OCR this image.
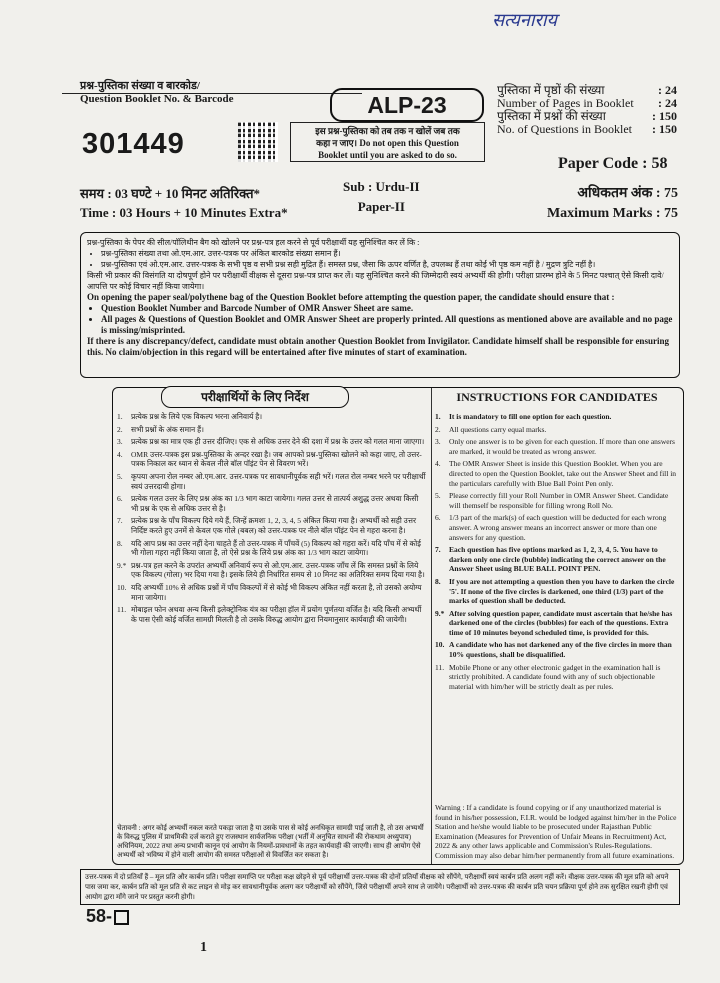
सत्यनाराय
प्रश्न-पुस्तिका संख्या व बारकोड/
Question Booklet No. & Barcode
301449
ALP-23
इस प्रश्न-पुस्तिका को तब तक न खोलें जब तक
कहा न जाए। Do not open this Question
Booklet until you are asked to do so.
पुस्तिका में पृष्ठों की संख्या	: 24
Number of Pages in Booklet : 24
पुस्तिका में प्रश्नों की संख्या	: 150
No. of Questions in Booklet : 150
Paper Code : 58
समय : 03 घण्टे + 10 मिनट अतिरिक्त*
Time : 03 Hours + 10 Minutes Extra*
Sub : Urdu-II
Paper-II
अधिकतम अंक : 75
Maximum Marks : 75
प्रश्न-पुस्तिका के पेपर की सील/पॉलिथीन बैग को खोलने पर प्रश्न-पत्र हल करने से पूर्व परीक्षार्थी यह सुनिश्चित कर लें कि :
• प्रश्न-पुस्तिका संख्या तथा ओ.एम.आर. उत्तर-पत्रक पर अंकित बारकोड संख्या समान हैं।
• प्रश्न-पुस्तिका एवं ओ.एम.आर. उत्तर-पत्रक के सभी पृष्ठ व सभी प्रश्न सही मुद्रित हैं। समस्त प्रश्न, जैसा कि ऊपर वर्णित है, उपलब्ध हैं तथा कोई भी पृष्ठ कम नहीं है / मुद्रण त्रुटि नहीं है।
किसी भी प्रकार की विसंगति या दोषपूर्ण होने पर परीक्षार्थी वीक्षक से दूसरा प्रश्न-पत्र प्राप्त कर लें। यह सुनिश्चित करने की जिम्मेदारी स्वयं अभ्यर्थी की होगी। परीक्षा प्रारम्भ होने के 5 मिनट पश्चात् ऐसे किसी दावे/आपत्ति पर कोई विचार नहीं किया जायेगा।
On opening the paper seal/polythene bag of the Question Booklet before attempting the question paper, the candidate should ensure that :
• Question Booklet Number and Barcode Number of OMR Answer Sheet are same.
• All pages & Questions of Question Booklet and OMR Answer Sheet are properly printed. All questions as mentioned above are available and no page is missing/misprinted.
If there is any discrepancy/defect, candidate must obtain another Question Booklet from Invigilator. Candidate himself shall be responsible for ensuring this. No claim/objection in this regard will be entertained after five minutes of start of examination.
परीक्षार्थियों के लिए निर्देश
1.	प्रत्येक प्रश्न के लिये एक विकल्प भरना अनिवार्य है।
2.	सभी प्रश्नों के अंक समान हैं।
3.	प्रत्येक प्रश्न का मात्र एक ही उत्तर दीजिए। एक से अधिक उत्तर देने की दशा में प्रश्न के उत्तर को गलत माना जाएगा।
4.	OMR उत्तर-पत्रक इस प्रश्न-पुस्तिका के अन्दर रखा है। जब आपको प्रश्न-पुस्तिका खोलने को कहा जाए, तो उत्तर-पत्रक निकाल कर ध्यान से केवल नीले बॉल पॉइंट पेन से विवरण भरें।
5.	कृपया अपना रोल नम्बर ओ.एम.आर. उत्तर-पत्रक पर सावधानीपूर्वक सही भरें। गलत रोल नम्बर भरने पर परीक्षार्थी स्वयं उत्तरदायी होगा।
6.	प्रत्येक गलत उत्तर के लिए प्रश्न अंक का 1/3 भाग काटा जायेगा। गलत उत्तर से तात्पर्य अशुद्ध उत्तर अथवा किसी भी प्रश्न के एक से अधिक उत्तर से है।
7.	प्रत्येक प्रश्न के पाँच विकल्प दिये गये हैं, जिन्हें क्रमशः 1, 2, 3, 4, 5 अंकित किया गया है। अभ्यर्थी को सही उत्तर निर्दिष्ट करते हुए उनमें से केवल एक गोले (बबल) को उत्तर-पत्रक पर नीले बॉल पॉइंट पेन से गहरा करना है।
8.	यदि आप प्रश्न का उत्तर नहीं देना चाहते हैं तो उत्तर-पत्रक में पाँचवें (5) विकल्प को गहरा करें। यदि पाँच में से कोई भी गोला गहरा नहीं किया जाता है, तो ऐसे प्रश्न के लिये प्रश्न अंक का 1/3 भाग काटा जायेगा।
9.* प्रश्न-पत्र हल करने के उपरांत अभ्यर्थी अनिवार्य रूप से ओ.एम.आर. उत्तर-पत्रक जाँच लें कि समस्त प्रश्नों के लिये एक विकल्प (गोला) भर दिया गया है। इसके लिये ही निर्धारित समय से 10 मिनट का अतिरिक्त समय दिया गया है।
10. यदि अभ्यर्थी 10% से अधिक प्रश्नों में पाँच विकल्पों में से कोई भी विकल्प अंकित नहीं करता है, तो उसको अयोग्य माना जायेगा।
11. मोबाइल फोन अथवा अन्य किसी इलेक्ट्रोनिक यंत्र का परीक्षा हॉल में प्रयोग पूर्णतया वर्जित है। यदि किसी अभ्यर्थी के पास ऐसी कोई वर्जित सामग्री मिलती है तो उसके विरुद्ध आयोग द्वारा नियमानुसार कार्यवाही की जायेगी।
चेतावनी : अगर कोई अभ्यर्थी नकल करते पकड़ा जाता है या उसके पास से कोई अनधिकृत सामग्री पाई जाती है, तो उस अभ्यर्थी के विरुद्ध पुलिस में प्राथमिकी दर्ज कराते हुए राजस्थान सार्वजनिक परीक्षा (भर्ती में अनुचित साधनों की रोकथाम अध्युपाय) अधिनियम, 2022 तथा अन्य प्रभावी कानून एवं आयोग के नियमों-प्रावधानों के तहत कार्यवाही की जाएगी। साथ ही आयोग ऐसे अभ्यर्थी को भविष्य में होने वाली आयोग की समस्त परीक्षाओं से विवर्जित कर सकता है।
INSTRUCTIONS FOR CANDIDATES
1.	It is mandatory to fill one option for each question.
2.	All questions carry equal marks.
3.	Only one answer is to be given for each question. If more than one answers are marked, it would be treated as wrong answer.
4.	The OMR Answer Sheet is inside this Question Booklet. When you are directed to open the Question Booklet, take out the Answer Sheet and fill in the particulars carefully with Blue Ball Point Pen only.
5.	Please correctly fill your Roll Number in OMR Answer Sheet. Candidate will themself be responsible for filling wrong Roll No.
6.	1/3 part of the mark(s) of each question will be deducted for each wrong answer. A wrong answer means an incorrect answer or more than one answers for any question.
7.	Each question has five options marked as 1, 2, 3, 4, 5. You have to darken only one circle (bubble) indicating the correct answer on the Answer Sheet using BLUE BALL POINT PEN.
8.	If you are not attempting a question then you have to darken the circle '5'. If none of the five circles is darkened, one third (1/3) part of the marks of question shall be deducted.
9.* After solving question paper, candidate must ascertain that he/she has darkened one of the circles (bubbles) for each of the questions. Extra time of 10 minutes beyond scheduled time, is provided for this.
10. A candidate who has not darkened any of the five circles in more than 10% questions, shall be disqualified.
11. Mobile Phone or any other electronic gadget in the examination hall is strictly prohibited. A candidate found with any of such objectionable material with him/her will be strictly dealt as per rules.
Warning : If a candidate is found copying or if any unauthorized material is found in his/her possession, F.I.R. would be lodged against him/her in the Police Station and he/she would liable to be prosecuted under Rajasthan Public Examination (Measures for Prevention of Unfair Means in Recruitment) Act, 2022 & any other laws applicable and Commission's Rules-Regulations. Commission may also debar him/her permanently from all future examinations.
उत्तर-पत्रक में दो प्रतियाँ हैं – मूल प्रति और कार्बन प्रति। परीक्षा समाप्ति पर परीक्षा कक्ष छोड़ने से पूर्व परीक्षार्थी उत्तर-पत्रक की दोनों प्रतियाँ वीक्षक को सौंपेंगे, परीक्षार्थी स्वयं कार्बन प्रति अलग नहीं करें। वीक्षक उत्तर-पत्रक की मूल प्रति को अपने पास जमा कर, कार्बन प्रति को मूल प्रति से कट लाइन से मोड़ कर सावधानीपूर्वक अलग कर परीक्षार्थी को सौंपेंगे, जिसे परीक्षार्थी अपने साथ ले जायेंगे। परीक्षार्थी को उत्तर-पत्रक की कार्बन प्रति चयन प्रक्रिया पूर्ण होने तक सुरक्षित रखनी होगी एवं आयोग द्वारा माँगे जाने पर प्रस्तुत करनी होगी।
58-
1
